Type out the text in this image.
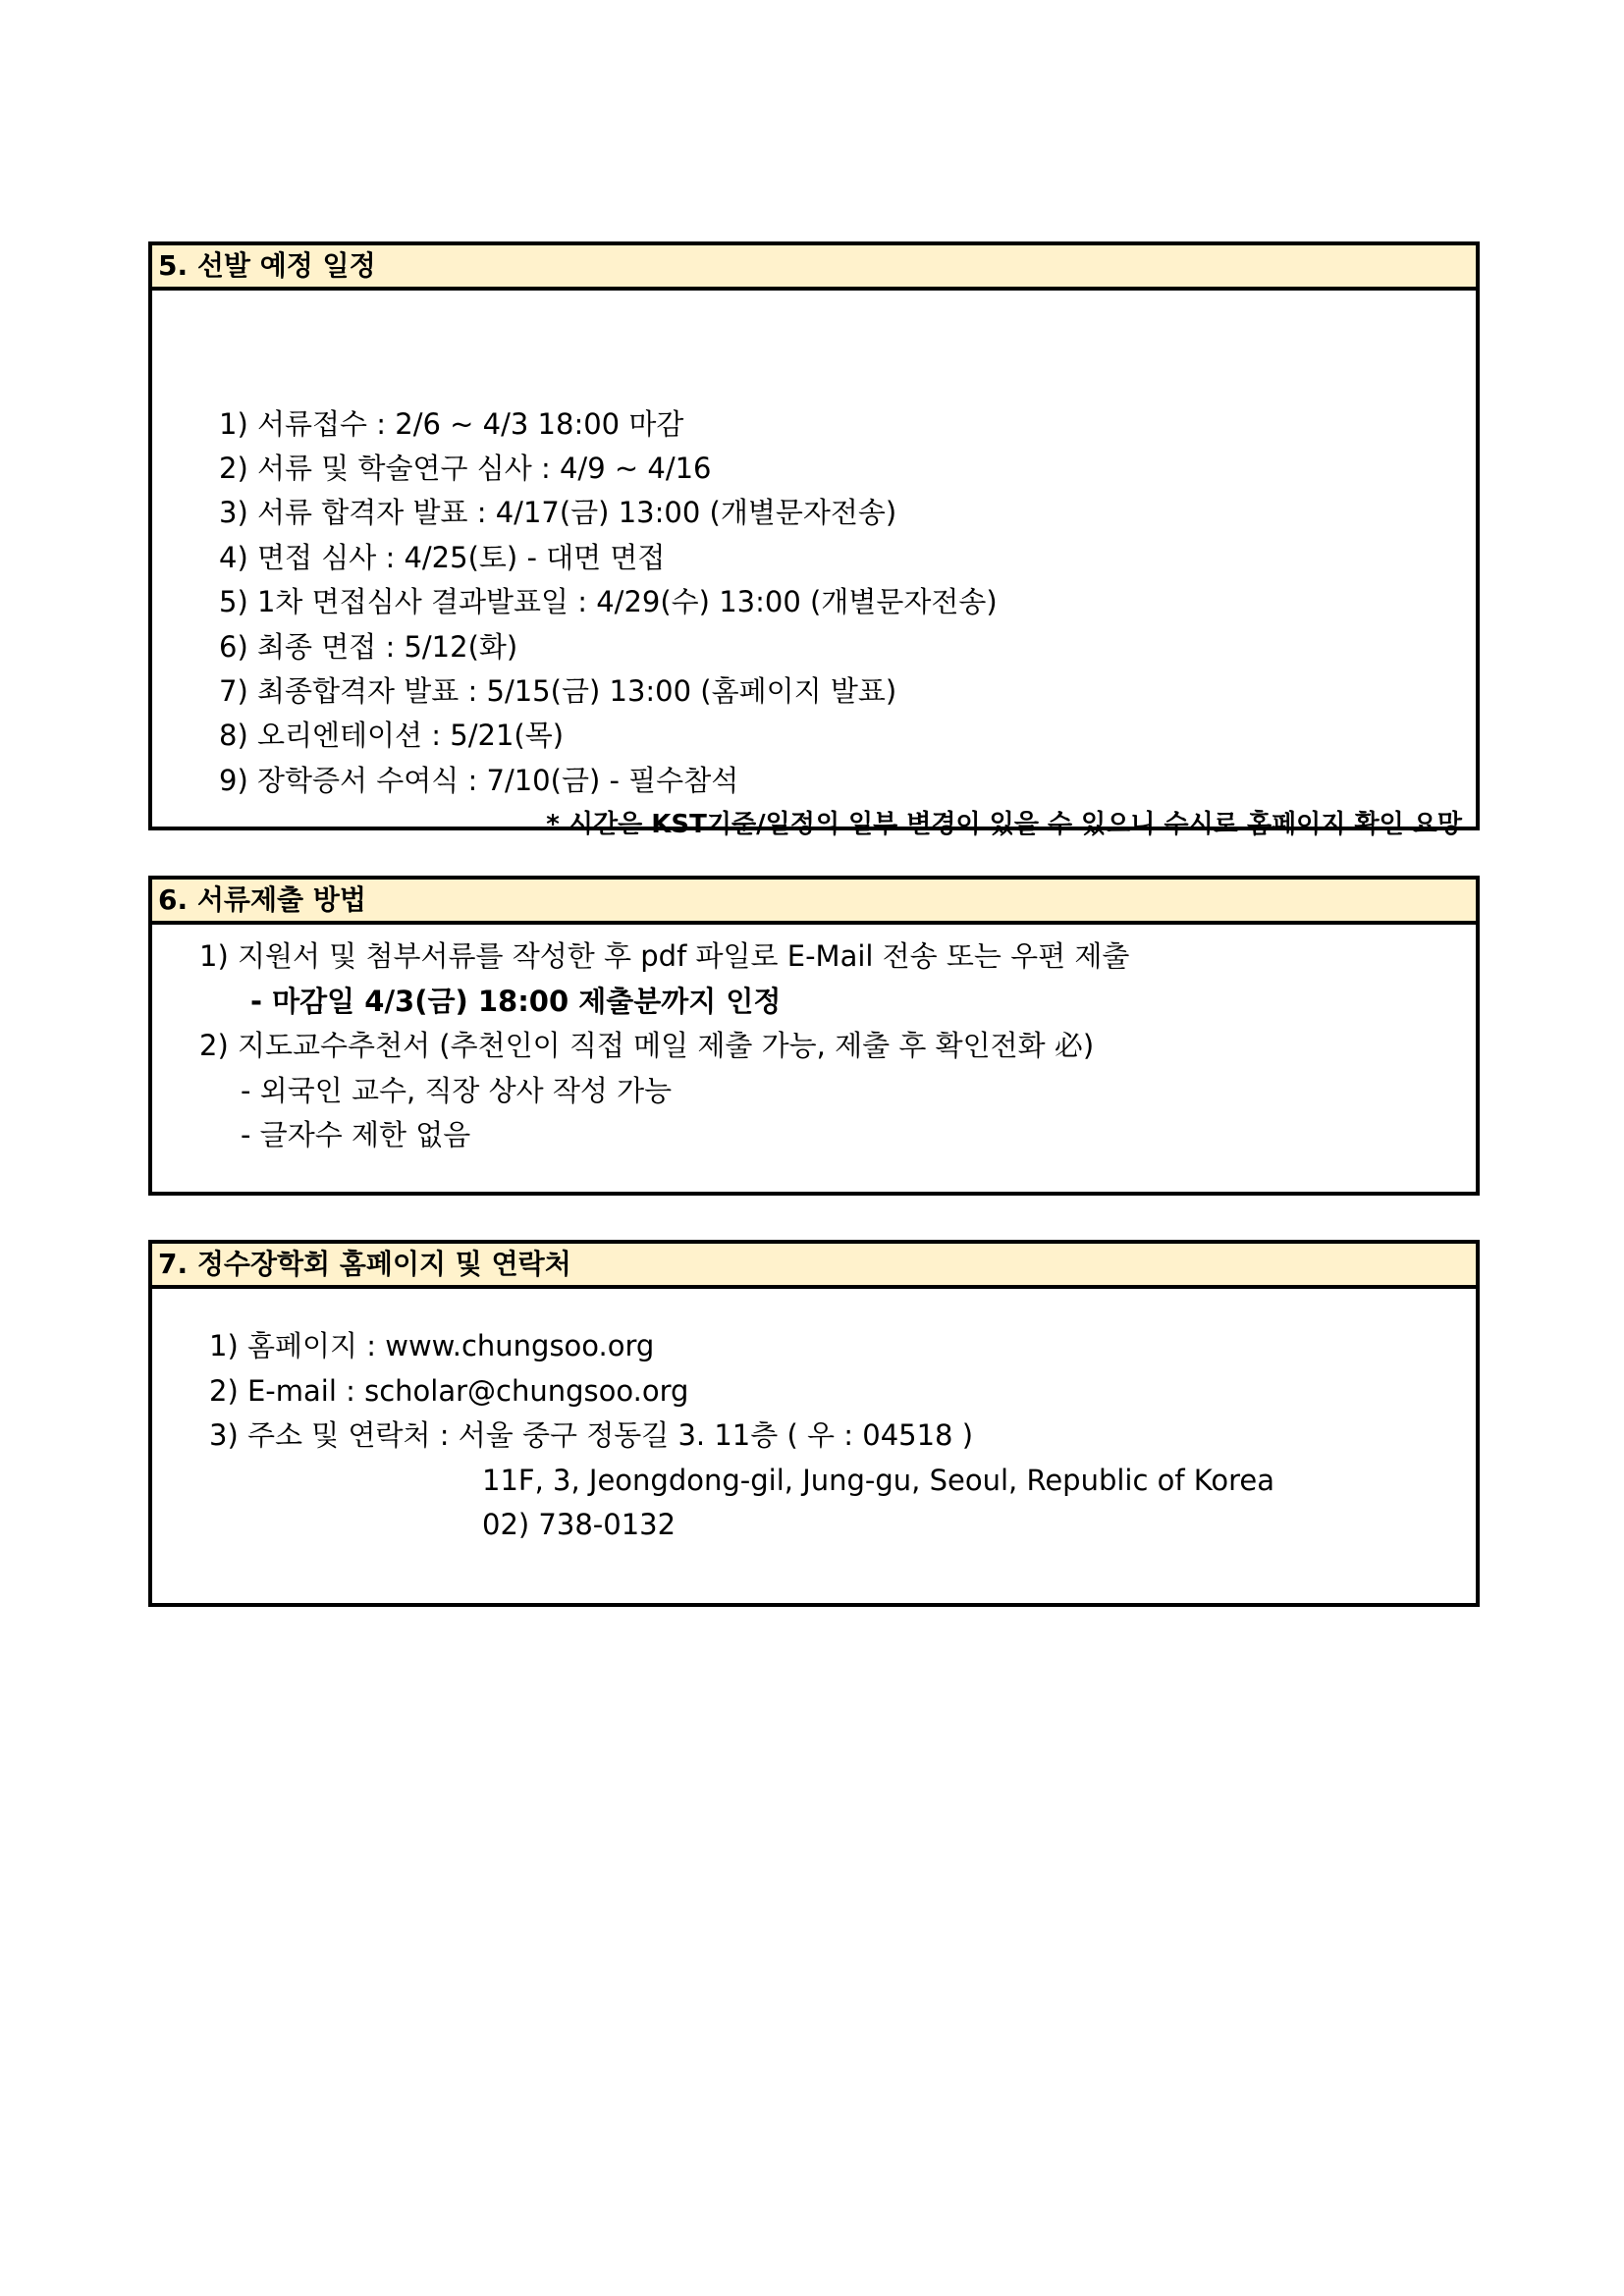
5. 선발 예정 일정
1) 서류접수 : 2/6 ~ 4/3 18:00 마감
2) 서류 및 학술연구 심사 : 4/9 ~ 4/16
3) 서류 합격자 발표 : 4/17(금) 13:00 (개별문자전송)
4) 면접 심사 : 4/25(토) - 대면 면접
5) 1차 면접심사 결과발표일 : 4/29(수) 13:00 (개별문자전송)
6) 최종 면접 : 5/12(화)
7) 최종합격자 발표 : 5/15(금) 13:00 (홈페이지 발표)
8) 오리엔테이션 : 5/21(목)
9) 장학증서 수여식 : 7/10(금) - 필수참석
* 시간은 KST기준/일정의 일부 변경이 있을 수 있으니 수시로 홈페이지 확인 요망
6. 서류제출 방법
1) 지원서 및 첨부서류를 작성한 후 pdf 파일로 E-Mail 전송 또는 우편 제출
- 마감일 4/3(금) 18:00 제출분까지 인정
2) 지도교수추천서 (추천인이 직접 메일 제출 가능, 제출 후 확인전화 必)
- 외국인 교수, 직장 상사 작성 가능
- 글자수 제한 없음
7. 정수장학회 홈페이지 및 연락처
1) 홈페이지 : www.chungsoo.org
2) E-mail : scholar@chungsoo.org
3) 주소 및 연락처 : 서울 중구 정동길 3. 11층 ( 우 : 04518 )
11F, 3, Jeongdong-gil, Jung-gu, Seoul, Republic of Korea
02) 738-0132
